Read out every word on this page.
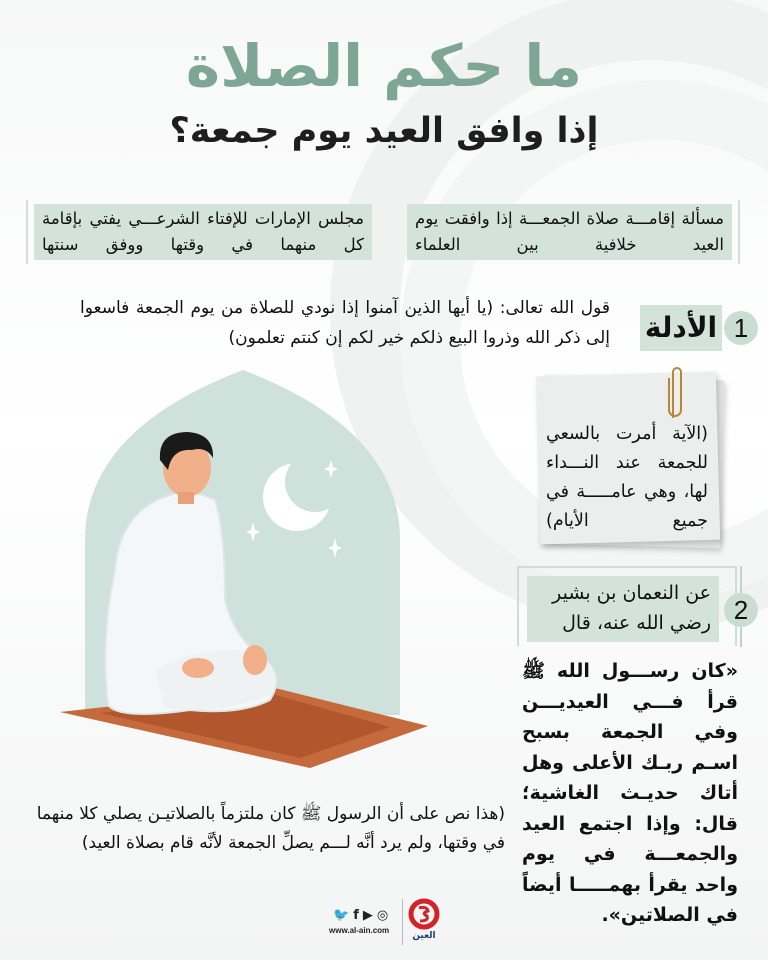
ما حكم الصلاة
إذا وافق العيد يوم جمعة؟
مسألة إقامـــة صلاة الجمعـــة إذا وافقت يوم العيد خلافية بين العلماء
مجلس الإمارات للإفتاء الشرعـــي يفتي بإقامة كل منهما في وقتها ووفق سنتها
1
الأدلة

قول الله تعالى: (يا أيها الذين آمنوا إذا نودي للصلاة من يوم الجمعة فاسعوا إلى ذكر الله وذروا البيع ذلكم خير لكم إن كنتم تعلمون)

(الآية أمرت بالسعي للجمعة عند النـــداء لها، وهي عامـــــة في جميع الأيام)

2
عن النعمان بن بشير رضي الله عنه، قال
«كان رســـول الله ﷺ قرأ فـــي العيديـــن وفي الجمعة بسبح اسـم ربـك الأعلى وهل أتاك حديـث الغاشية؛ قال: وإذا اجتمع العيد والجمعـــة في يوم واحد يقرأ بهمـــــا أيضاً
في الصلاتين».

(هذا نص على أن الرسول ﷺ كان ملتزماً بالصلاتيـن يصلي كلا منهما في وقتها، ولم يرد أنَّه لـــم يصلِّ الجمعة لأنَّه قام بصلاة العيد)

🐦 f ▶ ◎
www.al-ain.com
العين
